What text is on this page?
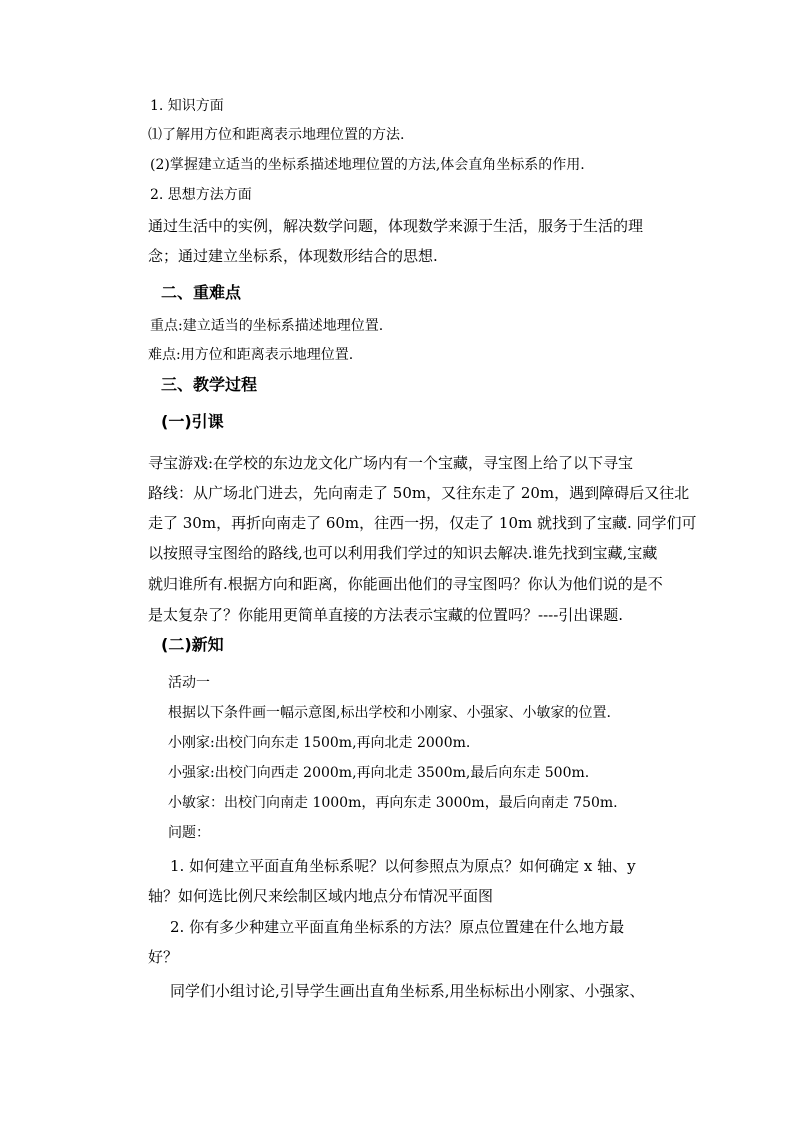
1. 知识方面
⑴了解用方位和距离表示地理位置的方法.
(2)掌握建立适当的坐标系描述地理位置的方法,体会直角坐标系的作用.
2. 思想方法方面
通过生活中的实例，解决数学问题，体现数学来源于生活，服务于生活的理
念；通过建立坐标系，体现数形结合的思想.
二、重难点
重点:建立适当的坐标系描述地理位置.
难点:用方位和距离表示地理位置.
三、教学过程
(一)引课
寻宝游戏:在学校的东边龙文化广场内有一个宝藏，寻宝图上给了以下寻宝
路线：从广场北门进去，先向南走了 50m，又往东走了 20m，遇到障碍后又往北
走了 30m，再折向南走了 60m，往西一拐，仅走了 10m 就找到了宝藏. 同学们可
以按照寻宝图给的路线,也可以利用我们学过的知识去解决.谁先找到宝藏,宝藏
就归谁所有.根据方向和距离，你能画出他们的寻宝图吗？你认为他们说的是不
是太复杂了？你能用更简单直接的方法表示宝藏的位置吗？----引出课题.
(二)新知
活动一
根据以下条件画一幅示意图,标出学校和小刚家、小强家、小敏家的位置.
小刚家:出校门向东走 1500m,再向北走 2000m.
小强家:出校门向西走 2000m,再向北走 3500m,最后向东走 500m.
小敏家：出校门向南走 1000m，再向东走 3000m，最后向南走 750m.
问题：
1. 如何建立平面直角坐标系呢？以何参照点为原点？如何确定 x 轴、y
轴？如何选比例尺来绘制区域内地点分布情况平面图
2. 你有多少种建立平面直角坐标系的方法？原点位置建在什么地方最
好？
同学们小组讨论,引导学生画出直角坐标系,用坐标标出小刚家、小强家、
